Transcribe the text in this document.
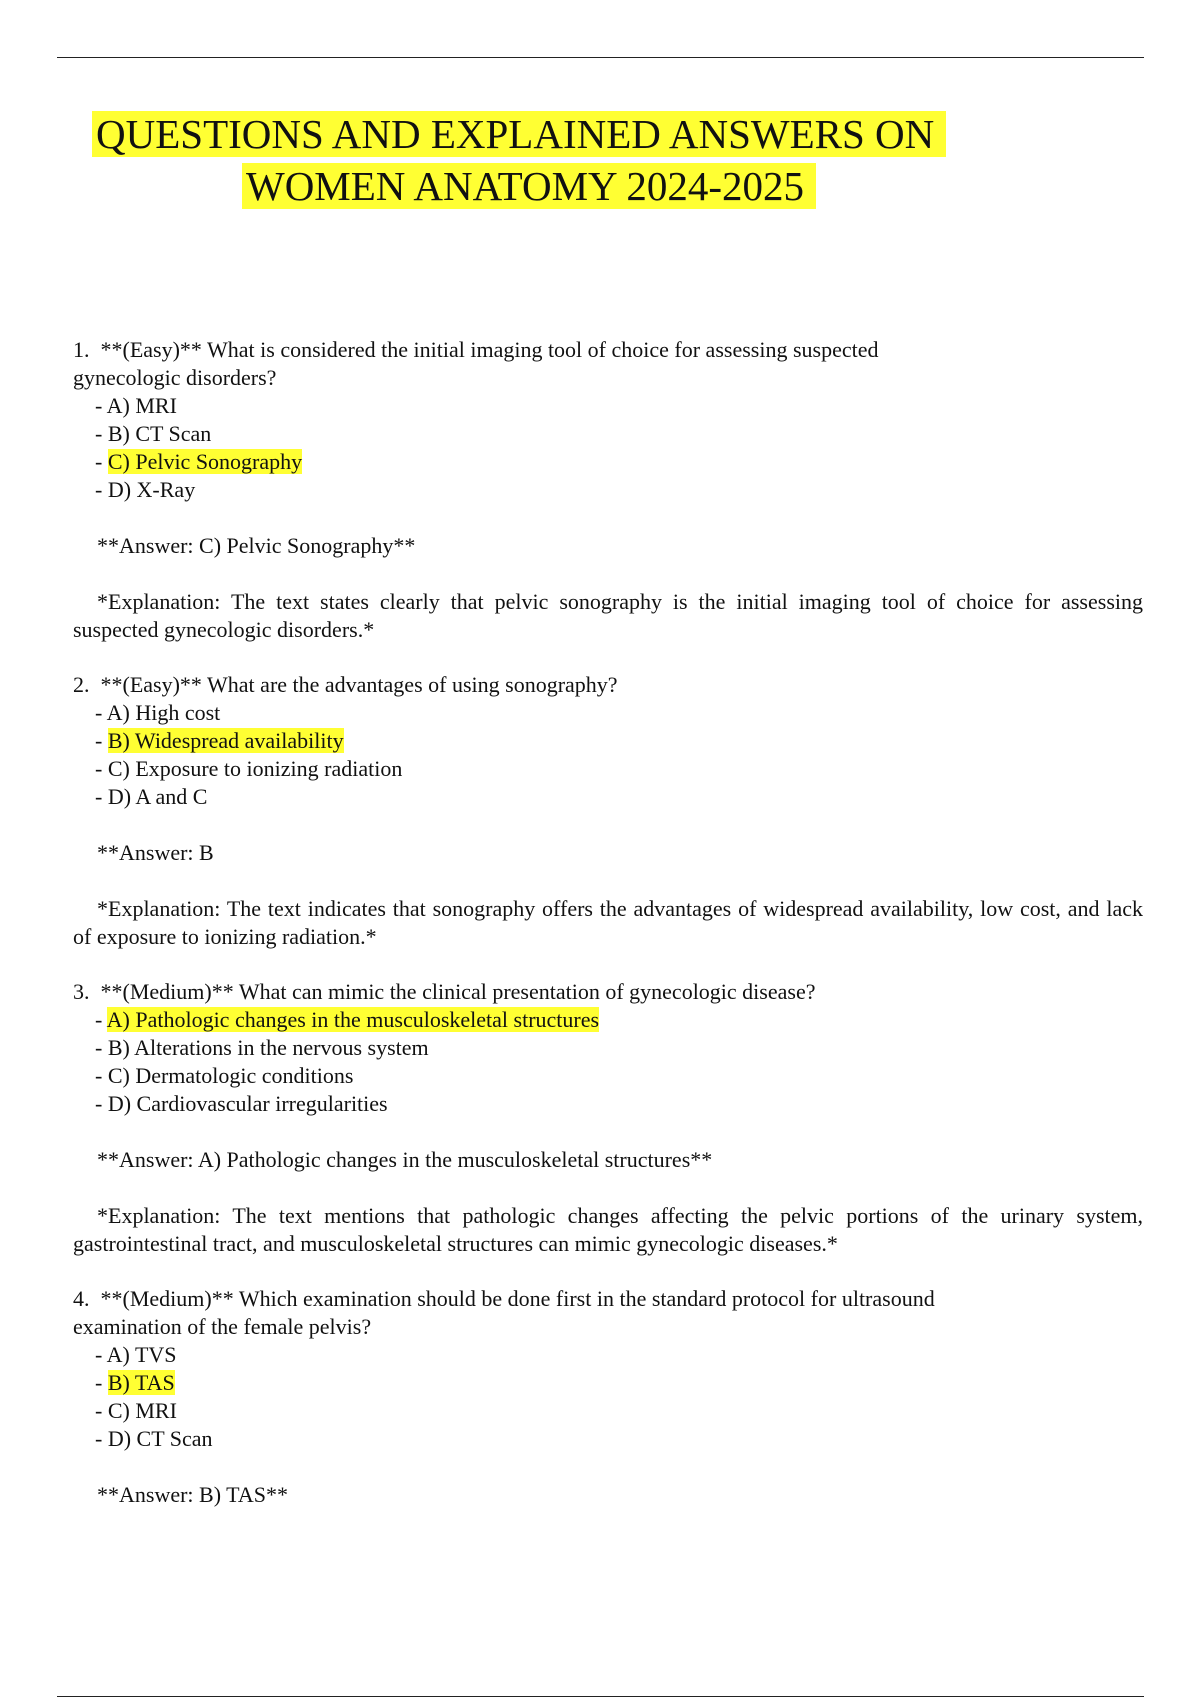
QUESTIONS AND EXPLAINED ANSWERS ON
WOMEN ANATOMY 2024-2025

1. **(Easy)** What is considered the initial imaging tool of choice for assessing suspected gynecologic disorders?

- A) MRI
- B) CT Scan
- C) Pelvic Sonography
- D) X-Ray

**Answer: C) Pelvic Sonography**

*Explanation: The text states clearly that pelvic sonography is the initial imaging tool of choice for assessing suspected gynecologic disorders.*

2. **(Easy)** What are the advantages of using sonography?

- A) High cost
- B) Widespread availability
- C) Exposure to ionizing radiation
- D) A and C

**Answer: B

*Explanation: The text indicates that sonography offers the advantages of widespread availability, low cost, and lack of exposure to ionizing radiation.*

3. **(Medium)** What can mimic the clinical presentation of gynecologic disease?

- A) Pathologic changes in the musculoskeletal structures
- B) Alterations in the nervous system
- C) Dermatologic conditions
- D) Cardiovascular irregularities

**Answer: A) Pathologic changes in the musculoskeletal structures**

*Explanation: The text mentions that pathologic changes affecting the pelvic portions of the urinary system, gastrointestinal tract, and musculoskeletal structures can mimic gynecologic diseases.*

4. **(Medium)** Which examination should be done first in the standard protocol for ultrasound examination of the female pelvis?

- A) TVS
- B) TAS
- C) MRI
- D) CT Scan

**Answer: B) TAS**
